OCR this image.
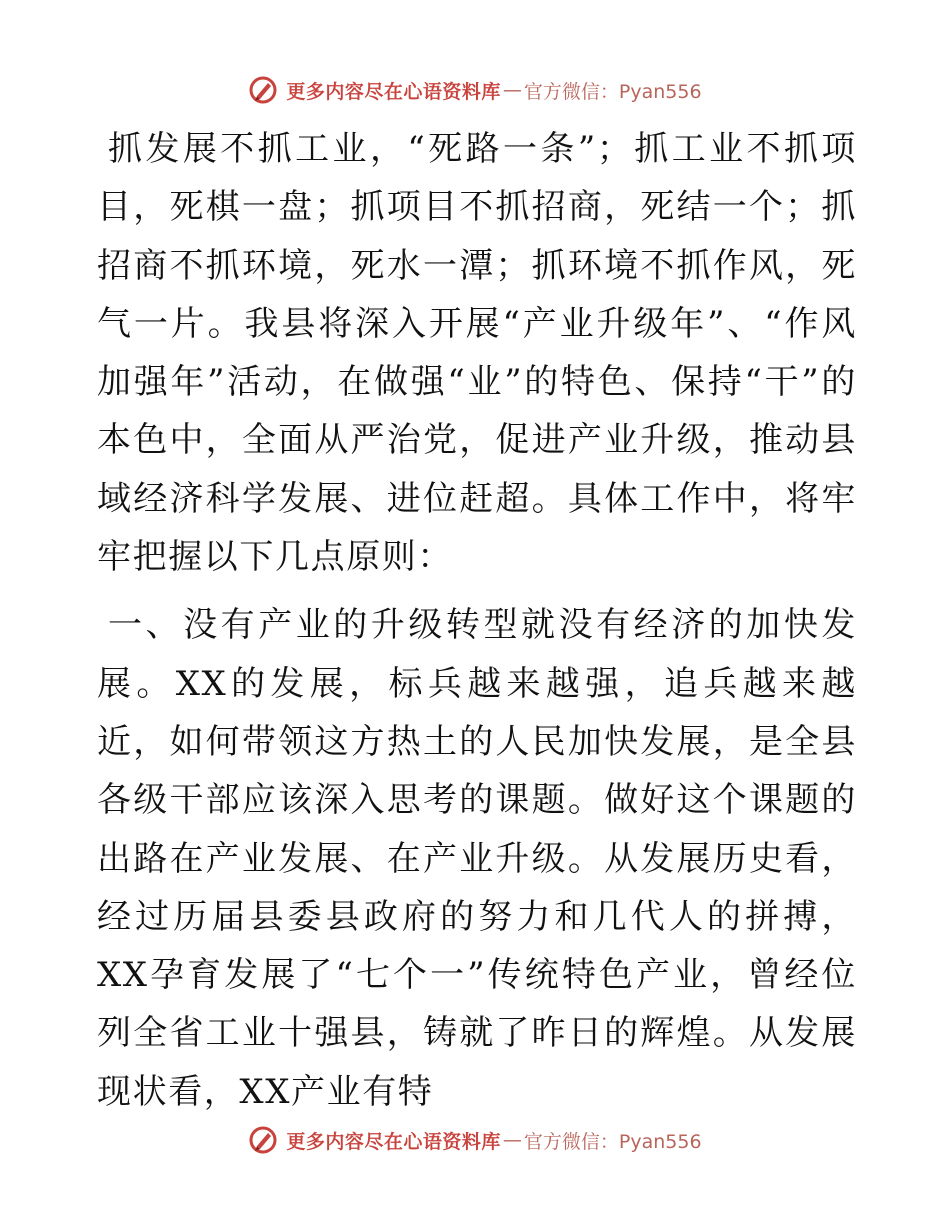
更多内容尽在心语资料库 — 官方微信：Pyan556

抓发展不抓工业，“死路一条”；抓工业不抓项目，死棋一盘；抓项目不抓招商，死结一个；抓招商不抓环境，死水一潭；抓环境不抓作风，死气一片。我县将深入开展“产业升级年”、“作风加强年”活动，在做强“业”的特色、保持“干”的本色中，全面从严治党，促进产业升级，推动县域经济科学发展、进位赶超。具体工作中，将牢牢把握以下几点原则：

一、没有产业的升级转型就没有经济的加快发展。XX的发展，标兵越来越强，追兵越来越近，如何带领这方热土的人民加快发展，是全县各级干部应该深入思考的课题。做好这个课题的出路在产业发展、在产业升级。从发展历史看，经过历届县委县政府的努力和几代人的拼搏，XX孕育发展了“七个一”传统特色产业，曾经位列全省工业十强县，铸就了昨日的辉煌。从发展现状看，XX产业有特

更多内容尽在心语资料库 — 官方微信：Pyan556
